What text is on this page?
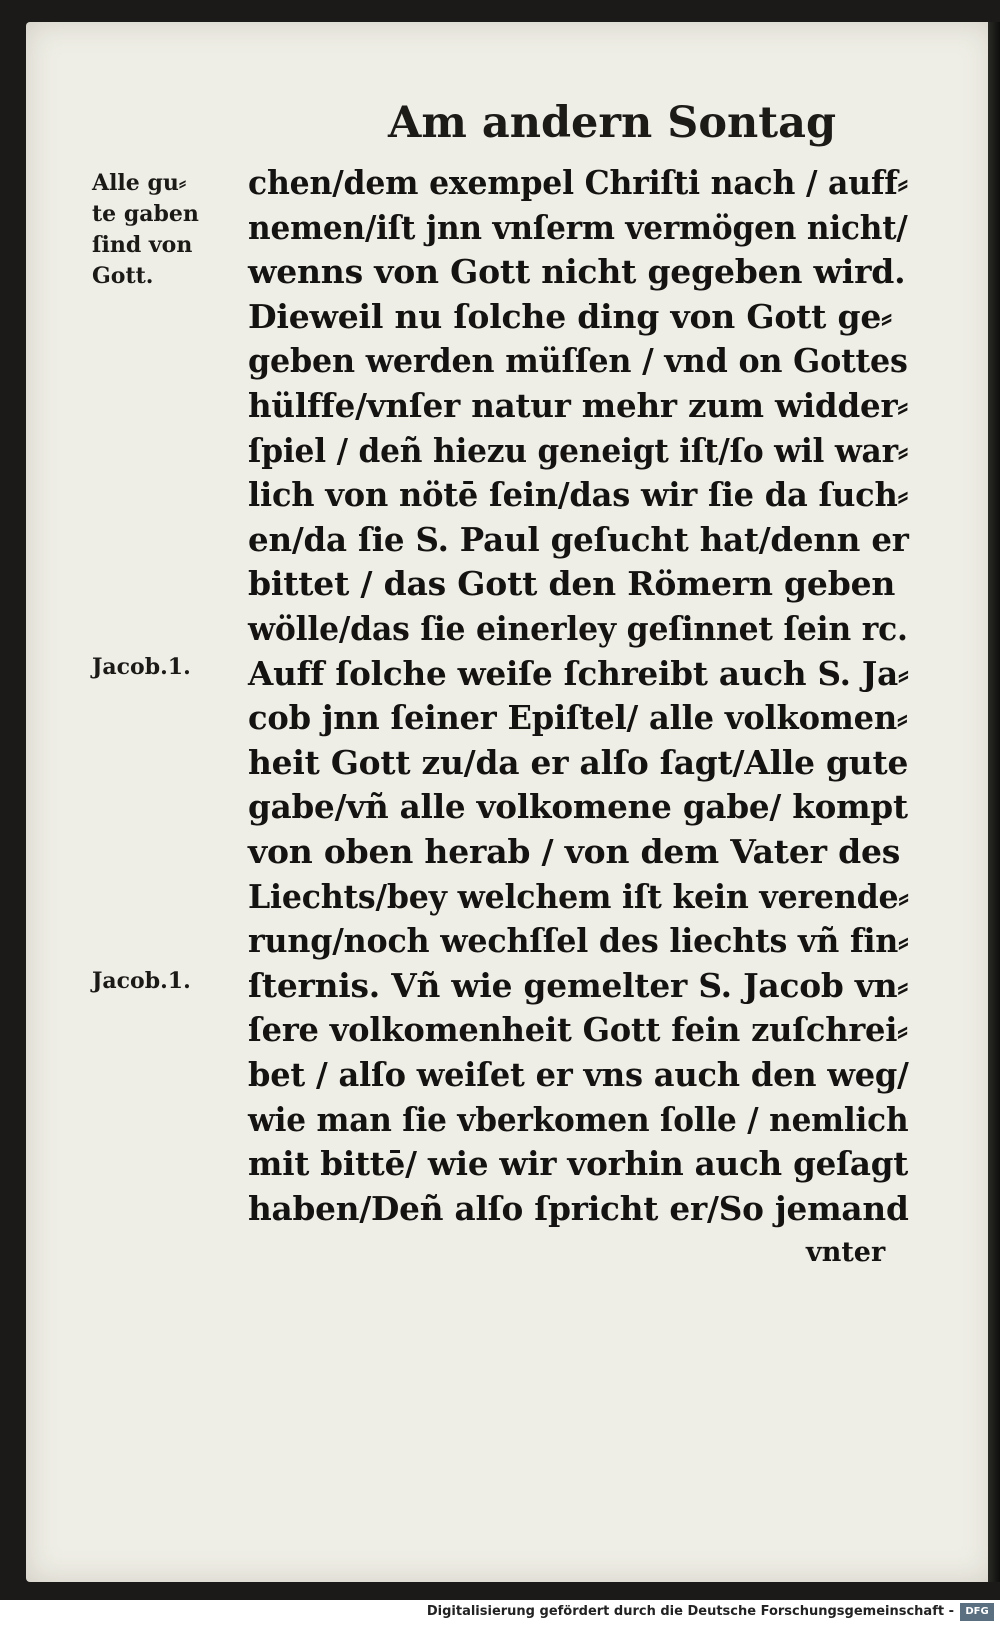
Am andern Sontag
Alle gu⸗
te gaben
ſind von
Gott.
Jacob.1.
Jacob.1.
chen/dem exempel Chriſti nach / auff⸗
nemen/iſt jnn vnſerm vermögen nicht/
wenns von Gott nicht gegeben wird.
Dieweil nu ſolche ding von Gott ge⸗
geben werden müſſen / vnd on Gottes
hülffe/vnſer natur mehr zum widder⸗
ſpiel / deñ hiezu geneigt iſt/ſo wil war⸗
lich von nötē ſein/das wir ſie da ſuch⸗
en/da ſie S. Paul geſucht hat/denn er
bittet / das Gott den Römern geben
wölle/das ſie einerley geſinnet ſein rc.
Auff ſolche weiſe ſchreibt auch S. Ja⸗
cob jnn ſeiner Epiſtel/ alle volkomen⸗
heit Gott zu/da er alſo ſagt/Alle gute
gabe/vñ alle volkomene gabe/ kompt
von oben herab / von dem Vater des
Liechts/bey welchem iſt kein verende⸗
rung/noch wechſſel des liechts vñ fin⸗
ſternis. Vñ wie gemelter S. Jacob vn⸗
ſere volkomenheit Gott fein zuſchrei⸗
bet / alſo weiſet er vns auch den weg/
wie man ſie vberkomen ſolle / nemlich
mit bittē/ wie wir vorhin auch geſagt
haben/Deñ alſo ſpricht er/So jemand
vnter
Digitalisierung gefördert durch die Deutsche Forschungsgemeinschaft -	DFG
